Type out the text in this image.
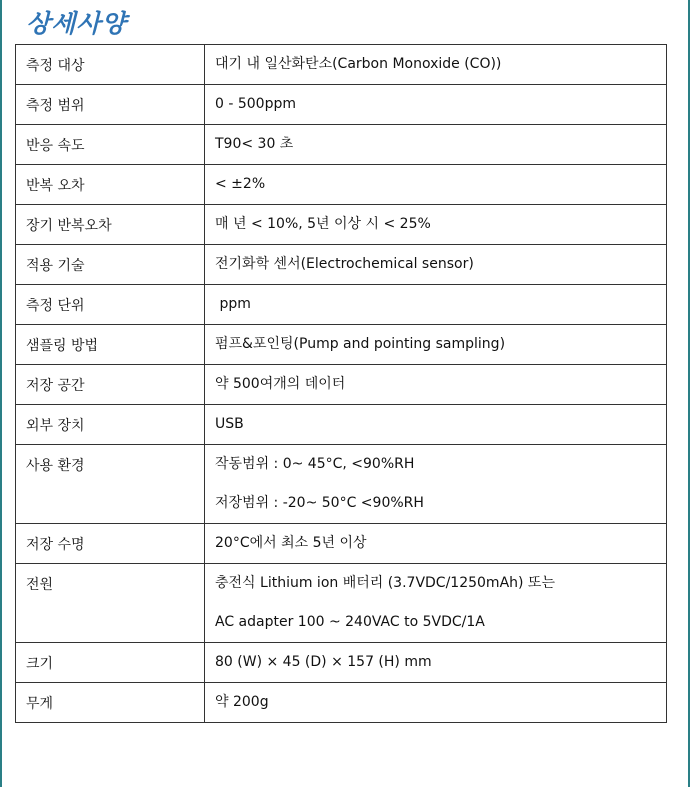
상세사양
측정 대상	대기 내 일산화탄소(Carbon Monoxide (CO))

측정 범위	0 - 500ppm

반응 속도	T90< 30 초

반복 오차	< ±2%

장기 반복오차	매 년 < 10%, 5년 이상 시 < 25%

적용 기술	전기화학 센서(Electrochemical sensor)

측정 단위	ppm

샘플링 방법	펌프&포인팅(Pump and pointing sampling)

저장 공간	약 500여개의 데이터

외부 장치	USB

사용 환경	작동범위 : 0~ 45°C, <90%RH
저장범위 : -20~ 50°C <90%RH

저장 수명	20°C에서 최소 5년 이상

전원	충전식 Lithium ion 배터리 (3.7VDC/1250mAh) 또는
AC adapter 100 ~ 240VAC to 5VDC/1A

크기	80 (W) × 45 (D) × 157 (H) mm

무게	약 200g
